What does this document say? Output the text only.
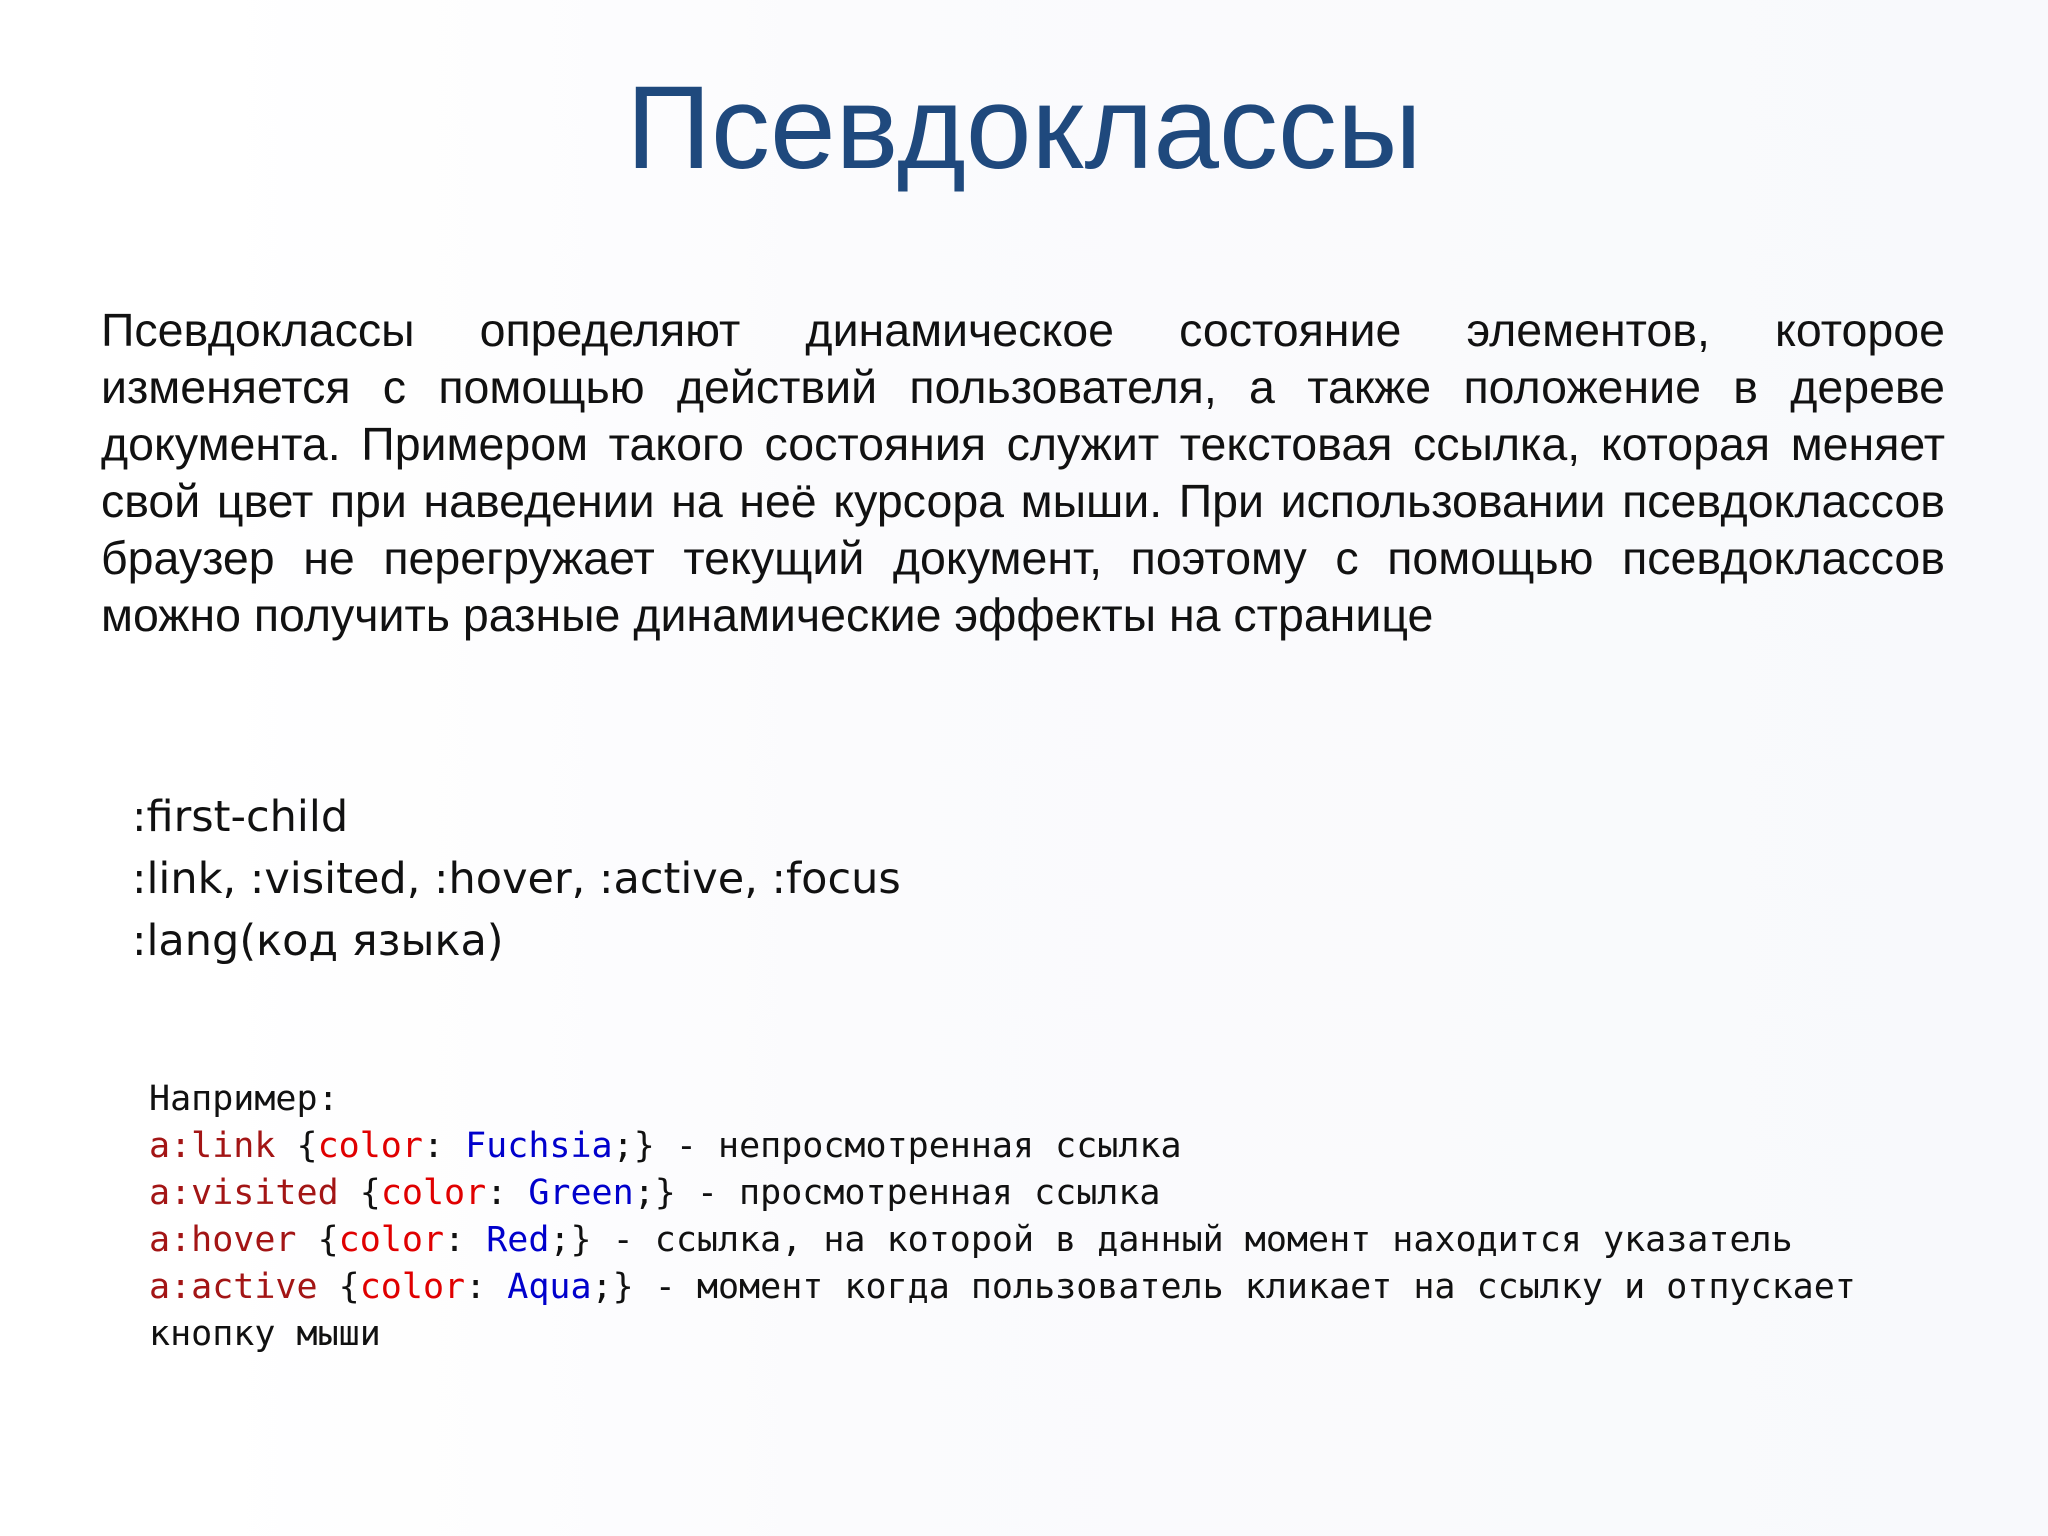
Псевдоклассы

Псевдоклассы определяют динамическое состояние элементов, которое изменяется с помощью действий пользователя, а также положение в дереве документа. Примером такого состояния служит текстовая ссылка, которая меняет свой цвет при наведении на неё курсора мыши. При использовании псевдоклассов браузер не перегружает текущий документ, поэтому с помощью псевдоклассов можно получить разные динамические эффекты на странице

:first-child
:link, :visited, :hover, :active, :focus
:lang(код языка)
Например:
a:link {color: Fuchsia;} - непросмотренная ссылка
a:visited {color: Green;} - просмотренная ссылка
a:hover {color: Red;} - ссылка, на которой в данный момент находится указатель
a:active {color: Aqua;} - момент когда пользователь кликает на ссылку и отпускает
кнопку мыши
